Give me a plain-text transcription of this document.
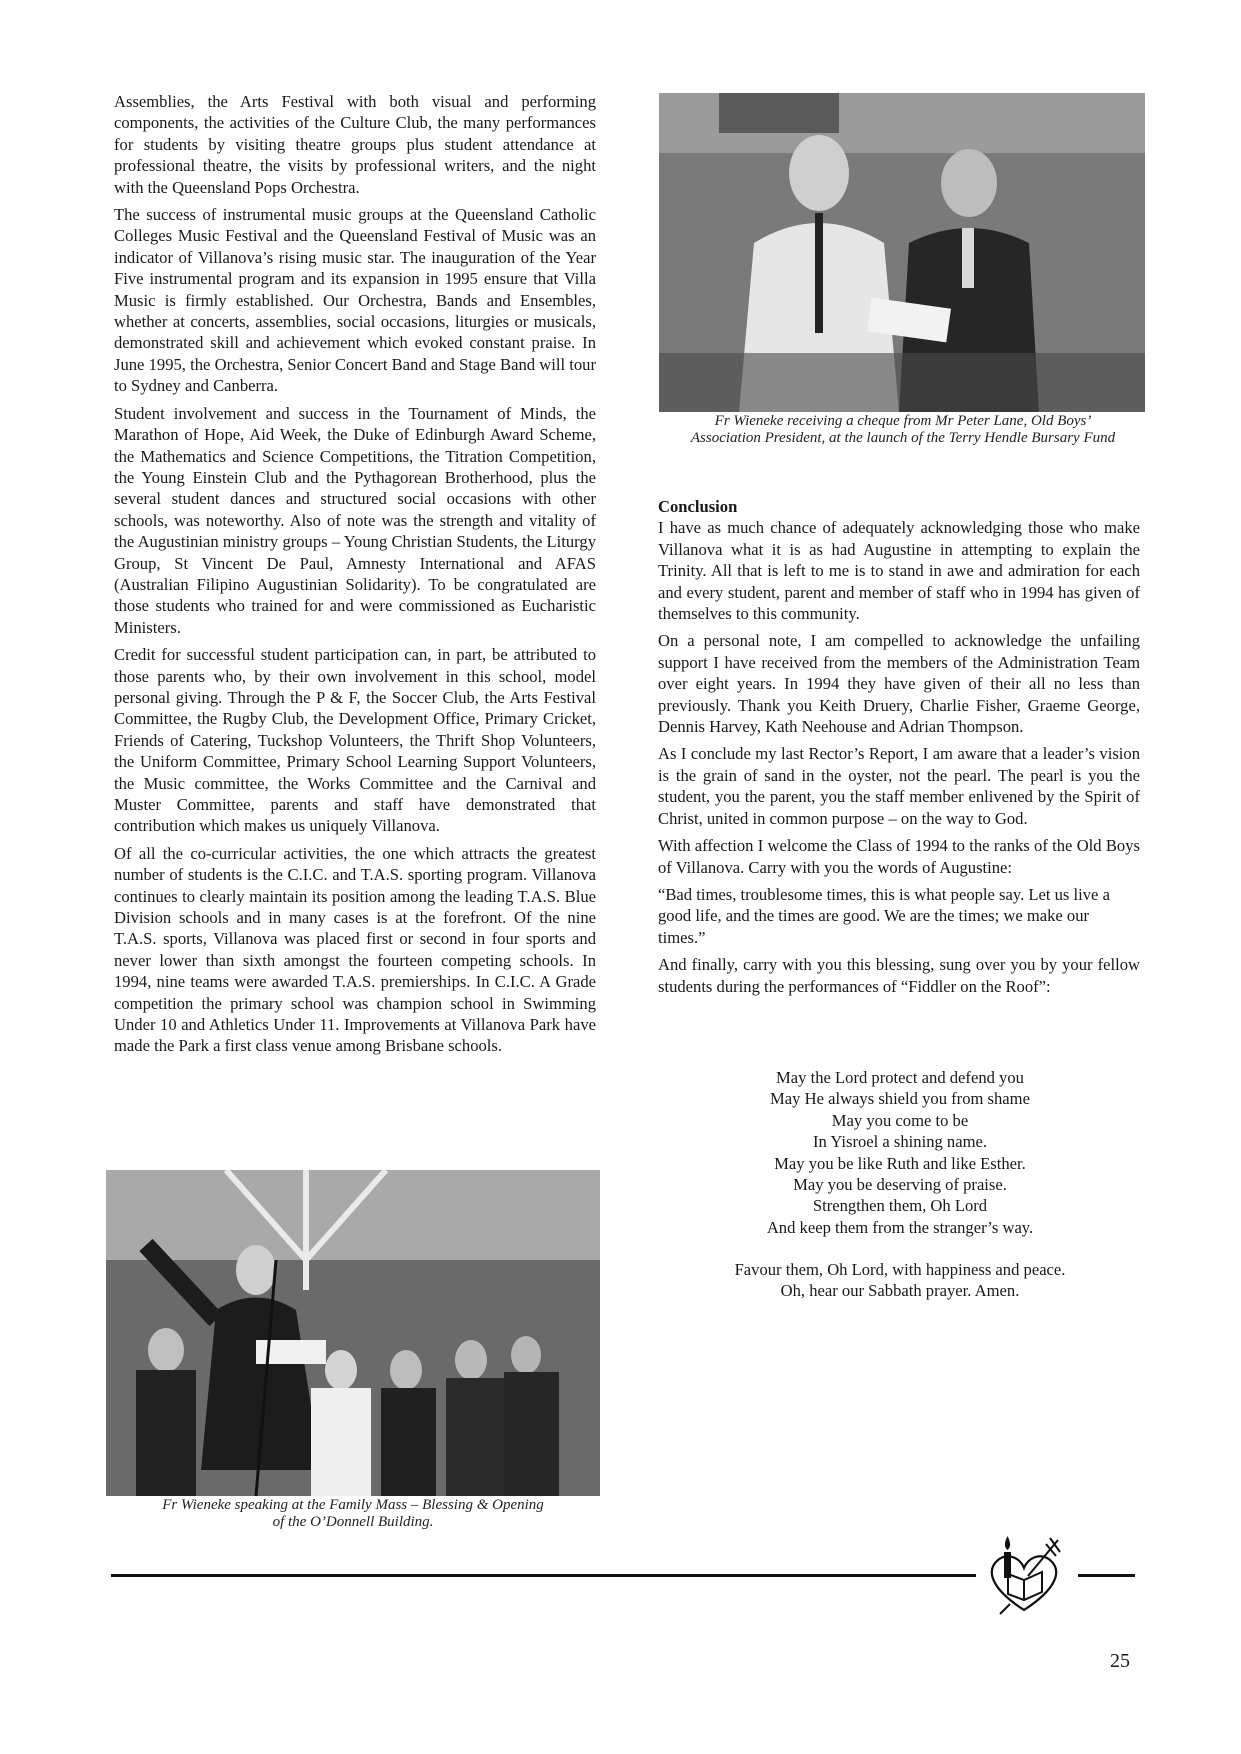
Assemblies, the Arts Festival with both visual and performing components, the activities of the Culture Club, the many performances for students by visiting theatre groups plus student attendance at professional theatre, the visits by professional writers, and the night with the Queensland Pops Orchestra.

The success of instrumental music groups at the Queensland Catholic Colleges Music Festival and the Queensland Festival of Music was an indicator of Villanova’s rising music star. The inauguration of the Year Five instrumental program and its expansion in 1995 ensure that Villa Music is firmly established. Our Orchestra, Bands and Ensembles, whether at concerts, assemblies, social occasions, liturgies or musicals, demonstrated skill and achievement which evoked constant praise. In June 1995, the Orchestra, Senior Concert Band and Stage Band will tour to Sydney and Canberra.

Student involvement and success in the Tournament of Minds, the Marathon of Hope, Aid Week, the Duke of Edinburgh Award Scheme, the Mathematics and Science Competitions, the Titration Competition, the Young Einstein Club and the Pythagorean Brotherhood, plus the several student dances and structured social occasions with other schools, was noteworthy. Also of note was the strength and vitality of the Augustinian ministry groups – Young Christian Students, the Liturgy Group, St Vincent De Paul, Amnesty International and AFAS (Australian Filipino Augustinian Solidarity). To be congratulated are those students who trained for and were commissioned as Eucharistic Ministers.

Credit for successful student participation can, in part, be attributed to those parents who, by their own involvement in this school, model personal giving. Through the P & F, the Soccer Club, the Arts Festival Committee, the Rugby Club, the Development Office, Primary Cricket, Friends of Catering, Tuckshop Volunteers, the Thrift Shop Volunteers, the Uniform Committee, Primary School Learning Support Volunteers, the Music committee, the Works Committee and the Carnival and Muster Committee, parents and staff have demonstrated that contribution which makes us uniquely Villanova.

Of all the co-curricular activities, the one which attracts the greatest number of students is the C.I.C. and T.A.S. sporting program. Villanova continues to clearly maintain its position among the leading T.A.S. Blue Division schools and in many cases is at the forefront. Of the nine T.A.S. sports, Villanova was placed first or second in four sports and never lower than sixth amongst the fourteen competing schools. In 1994, nine teams were awarded T.A.S. premierships. In C.I.C. A Grade competition the primary school was champion school in Swimming Under 10 and Athletics Under 11. Improvements at Villanova Park have made the Park a first class venue among Brisbane schools.

Fr Wieneke receiving a cheque from Mr Peter Lane, Old Boys’
Association President, at the launch of the Terry Hendle Bursary Fund
Fr Wieneke speaking at the Family Mass – Blessing & Opening
of the O’Donnell Building.
Conclusion

I have as much chance of adequately acknowledging those who make Villanova what it is as had Augustine in attempting to explain the Trinity. All that is left to me is to stand in awe and admiration for each and every student, parent and member of staff who in 1994 has given of themselves to this community.

On a personal note, I am compelled to acknowledge the unfailing support I have received from the members of the Administration Team over eight years. In 1994 they have given of their all no less than previously. Thank you Keith Druery, Charlie Fisher, Graeme George, Dennis Harvey, Kath Neehouse and Adrian Thompson.

As I conclude my last Rector’s Report, I am aware that a leader’s vision is the grain of sand in the oyster, not the pearl. The pearl is you the student, you the parent, you the staff member enlivened by the Spirit of Christ, united in common purpose – on the way to God.

With affection I welcome the Class of 1994 to the ranks of the Old Boys of Villanova. Carry with you the words of Augustine:

“Bad times, troublesome times, this is what people say. Let us live a good life, and the times are good. We are the times; we make our times.”

And finally, carry with you this blessing, sung over you by your fellow students during the performances of “Fiddler on the Roof”:

May the Lord protect and defend you
May He always shield you from shame
May you come to be
In Yisroel a shining name.
May you be like Ruth and like Esther.
May you be deserving of praise.
Strengthen them, Oh Lord
And keep them from the stranger’s way.
Favour them, Oh Lord, with happiness and peace.
Oh, hear our Sabbath prayer. Amen.
25
